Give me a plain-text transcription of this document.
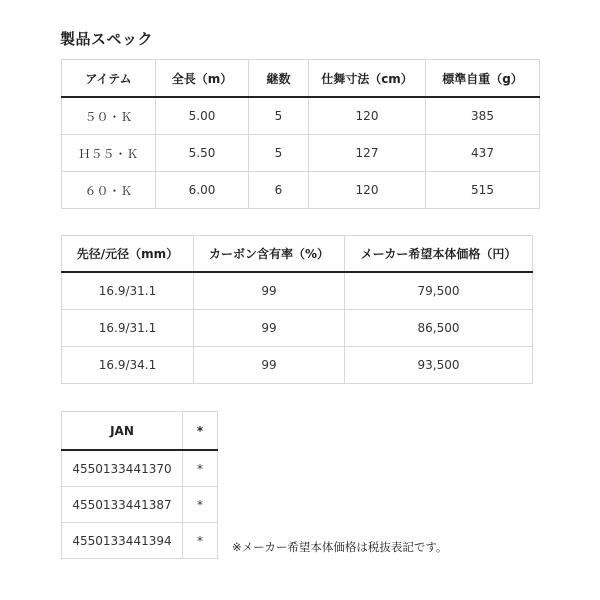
製品スペック
アイテム	全長（m）	継数	仕舞寸法（cm）	標準自重（g）
５０・Ｋ	5.00	5	120	385
Ｈ５５・Ｋ	5.50	5	127	437
６０・Ｋ	6.00	6	120	515
先径/元径（mm）	カーボン含有率（%）	メーカー希望本体価格（円）
16.9/31.1	99	79,500
16.9/31.1	99	86,500
16.9/34.1	99	93,500
JAN	*
4550133441370	*
4550133441387	*
4550133441394	*	※メーカー希望本体価格は税抜表記です。
